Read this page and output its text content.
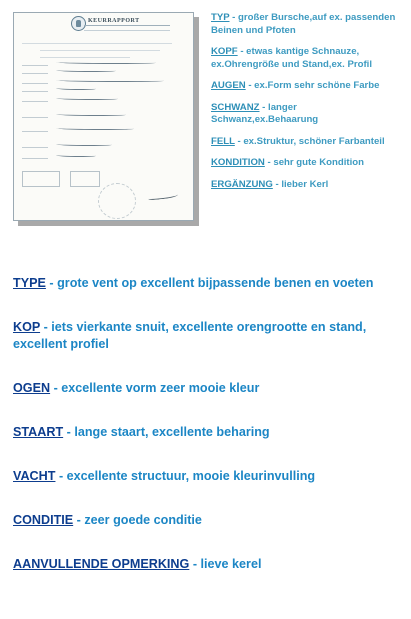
KEURRAPPORT	TYP - großer Bursche,auf ex. passenden Beinen und Pfoten
KOPF - etwas kantige Schnauze, ex.Ohrengröße und Stand,ex. Profil
AUGEN - ex.Form sehr schöne Farbe
SCHWANZ - langer Schwanz,ex.Behaarung
FELL - ex.Struktur, schöner Farbanteil
KONDITION - sehr gute Kondition
ERGÄNZUNG - lieber Kerl
TYPE - grote vent op excellent bijpassende benen en voeten
KOP - iets vierkante snuit, excellente orengrootte en stand, excellent profiel
OGEN - excellente vorm zeer mooie kleur
STAART - lange staart, excellente beharing
VACHT - excellente structuur, mooie kleurinvulling
CONDITIE - zeer goede conditie
AANVULLENDE OPMERKING - lieve kerel
